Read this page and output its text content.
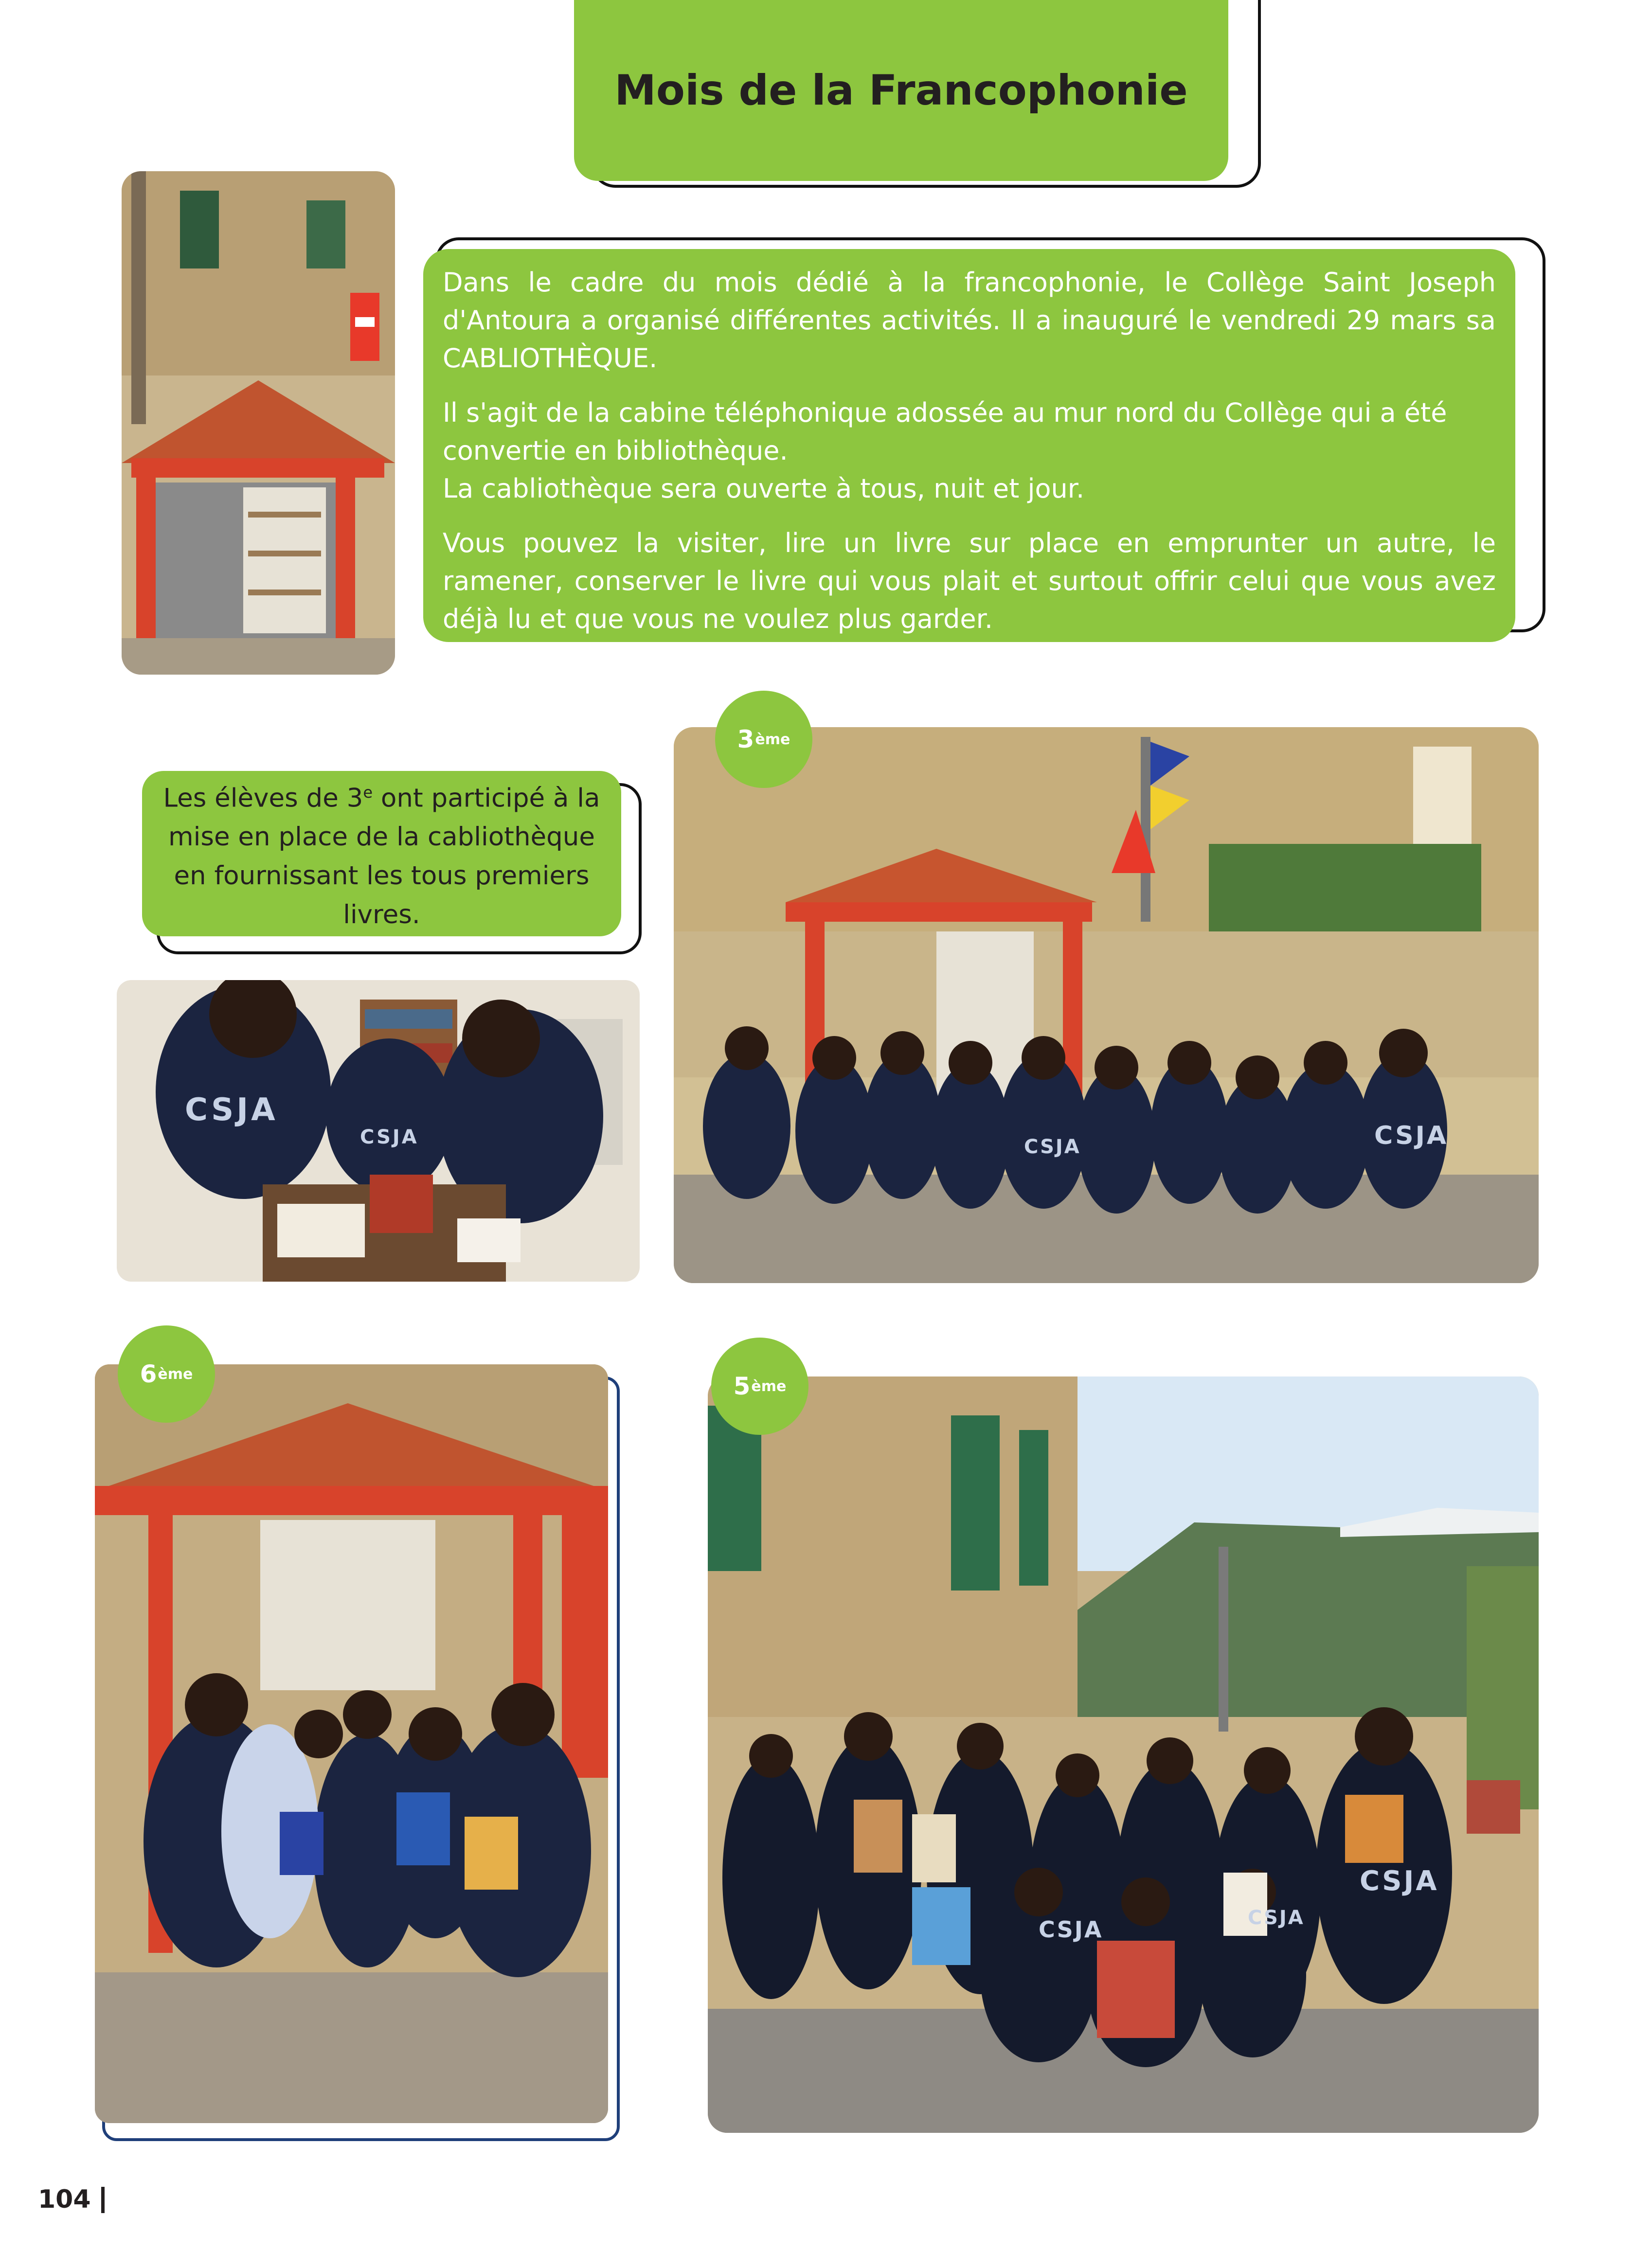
Mois de la Francophonie

Dans le cadre du mois dédié à la francophonie, le Collège Saint Joseph d'Antoura a organisé différentes activités. Il a inauguré le vendredi 29 mars sa CABLIOTHÈQUE.

Il s'agit de la cabine téléphonique adossée au mur nord du Collège qui a été convertie en bibliothèque.
La cabliothèque sera ouverte à tous, nuit et jour.

Vous pouvez la visiter, lire un livre sur place en emprunter un autre, le ramener, conserver le livre qui vous plait et surtout offrir celui que vous avez déjà lu et que vous ne voulez plus garder.

Les élèves de 3e ont participé à la mise en place de la cabliothèque en fournissant les tous premiers livres.
CSJA
CSJA	CSJA
CSJA
3 ème
6 ème
CSJA
CSJA	CSJA
5 ème
104
